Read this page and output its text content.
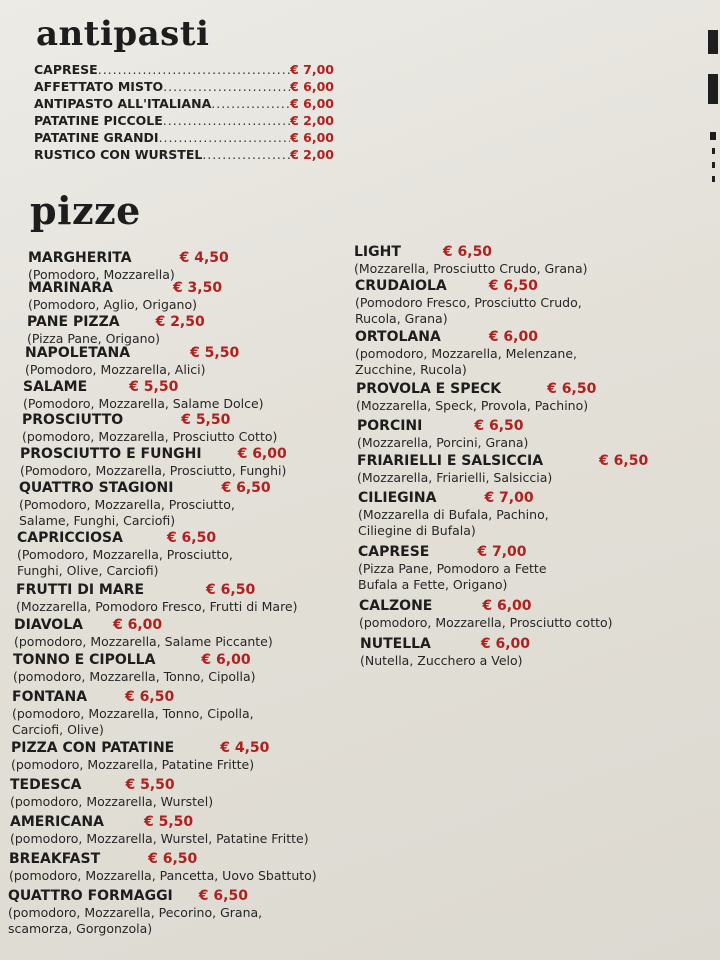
antipasti
CAPRESE .....	€ 7,00
AFFETTATO MISTO .....	€ 6,00
ANTIPASTO ALL'ITALIANA .....	€ 6,00
PATATINE PICCOLE .....	€ 2,00
PATATINE GRANDI .....	€ 6,00
RUSTICO CON WURSTEL .....	€ 2,00
pizze
MARGHERITA	€ 4,50
(Pomodoro, Mozzarella)
MARINARA	€ 3,50
(Pomodoro, Aglio, Origano)
PANE PIZZA	€ 2,50
(Pizza Pane, Origano)
NAPOLETANA	€ 5,50
(Pomodoro, Mozzarella, Alici)
SALAME	€ 5,50
(Pomodoro, Mozzarella, Salame Dolce)
PROSCIUTTO	€ 5,50
(pomodoro, Mozzarella, Prosciutto Cotto)
PROSCIUTTO E FUNGHI	€ 6,00
(Pomodoro, Mozzarella, Prosciutto, Funghi)
QUATTRO STAGIONI	€ 6,50
(Pomodoro, Mozzarella, Prosciutto,
Salame, Funghi, Carciofi)
CAPRICCIOSA	€ 6,50
(Pomodoro, Mozzarella, Prosciutto,
Funghi, Olive, Carciofi)
FRUTTI DI MARE	€ 6,50
(Mozzarella, Pomodoro Fresco, Frutti di Mare)
DIAVOLA € 6,00
(pomodoro, Mozzarella, Salame Piccante)
TONNO E CIPOLLA	€ 6,00
(pomodoro, Mozzarella, Tonno, Cipolla)
FONTANA	€ 6,50
(pomodoro, Mozzarella, Tonno, Cipolla,
Carciofi, Olive)
PIZZA CON PATATINE	€ 4,50
(pomodoro, Mozzarella, Patatine Fritte)
TEDESCA	€ 5,50
(pomodoro, Mozzarella, Wurstel)
AMERICANA	€ 5,50
(pomodoro, Mozzarella, Wurstel, Patatine Fritte)
BREAKFAST	€ 6,50
(pomodoro, Mozzarella, Pancetta, Uovo Sbattuto)
QUATTRO FORMAGGI € 6,50
(pomodoro, Mozzarella, Pecorino, Grana,
scamorza, Gorgonzola)
LIGHT	€ 6,50
(Mozzarella, Prosciutto Crudo, Grana)
CRUDAIOLA	€ 6,50
(Pomodoro Fresco, Prosciutto Crudo,
Rucola, Grana)
ORTOLANA	€ 6,00
(pomodoro, Mozzarella, Melenzane,
Zucchine, Rucola)
PROVOLA E SPECK	€ 6,50
(Mozzarella, Speck, Provola, Pachino)
PORCINI	€ 6,50
(Mozzarella, Porcini, Grana)
FRIARIELLI E SALSICCIA	€ 6,50
(Mozzarella, Friarielli, Salsiccia)
CILIEGINA	€ 7,00
(Mozzarella di Bufala, Pachino,
Ciliegine di Bufala)
CAPRESE	€ 7,00
(Pizza Pane, Pomodoro a Fette
Bufala a Fette, Origano)
CALZONE	€ 6,00
(pomodoro, Mozzarella, Prosciutto cotto)
NUTELLA	€ 6,00
(Nutella, Zucchero a Velo)
